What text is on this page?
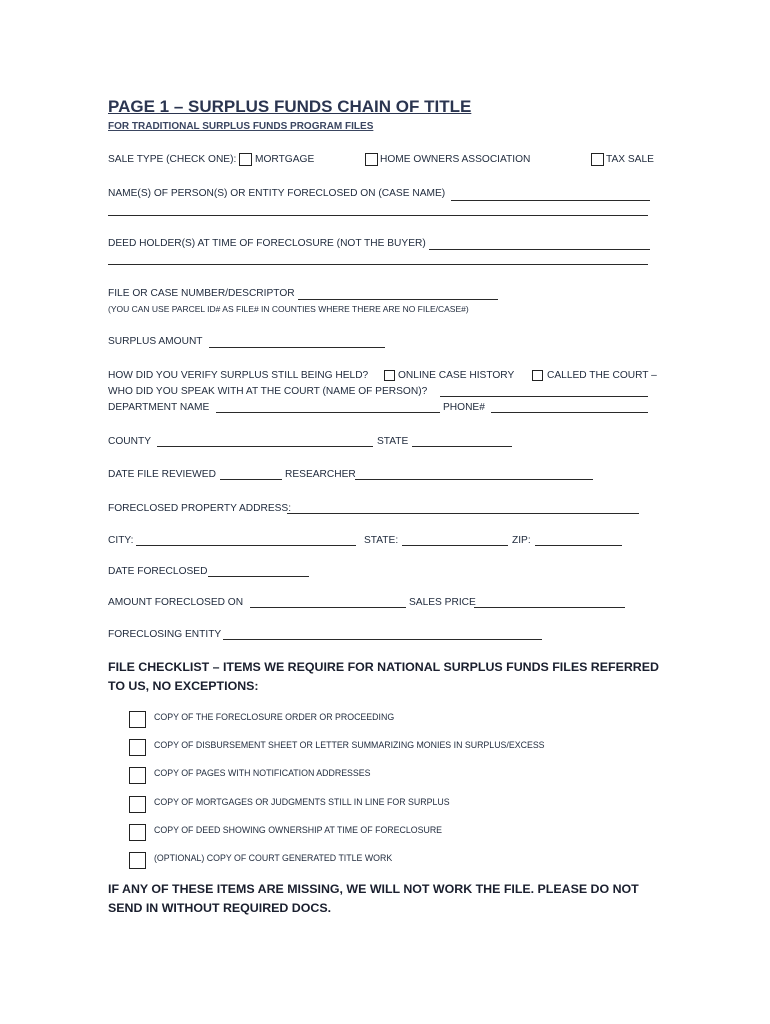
PAGE 1 – SURPLUS FUNDS CHAIN OF TITLE
FOR TRADITIONAL SURPLUS FUNDS PROGRAM FILES
SALE TYPE (CHECK ONE): MORTGAGE	HOME OWNERS ASSOCIATION	TAX SALE
NAME(S) OF PERSON(S) OR ENTITY FORECLOSED ON (CASE NAME)
DEED HOLDER(S) AT TIME OF FORECLOSURE (NOT THE BUYER)
FILE OR CASE NUMBER/DESCRIPTOR
(YOU CAN USE PARCEL ID# AS FILE# IN COUNTIES WHERE THERE ARE NO FILE/CASE#)
SURPLUS AMOUNT
HOW DID YOU VERIFY SURPLUS STILL BEING HELD?	ONLINE CASE HISTORY	CALLED THE COURT –
WHO DID YOU SPEAK WITH AT THE COURT (NAME OF PERSON)?
DEPARTMENT NAME	PHONE#
COUNTY	STATE
DATE FILE REVIEWED	RESEARCHER
FORECLOSED PROPERTY ADDRESS:
CITY:	STATE:	ZIP:
DATE FORECLOSED
AMOUNT FORECLOSED ON	SALES PRICE
FORECLOSING ENTITY
FILE CHECKLIST – ITEMS WE REQUIRE FOR NATIONAL SURPLUS FUNDS FILES REFERRED TO US, NO EXCEPTIONS:
COPY OF THE FORECLOSURE ORDER OR PROCEEDING
COPY OF DISBURSEMENT SHEET OR LETTER SUMMARIZING MONIES IN SURPLUS/EXCESS
COPY OF PAGES WITH NOTIFICATION ADDRESSES
COPY OF MORTGAGES OR JUDGMENTS STILL IN LINE FOR SURPLUS
COPY OF DEED SHOWING OWNERSHIP AT TIME OF FORECLOSURE
(OPTIONAL) COPY OF COURT GENERATED TITLE WORK
IF ANY OF THESE ITEMS ARE MISSING, WE WILL NOT WORK THE FILE. PLEASE DO NOT SEND IN WITHOUT REQUIRED DOCS.
